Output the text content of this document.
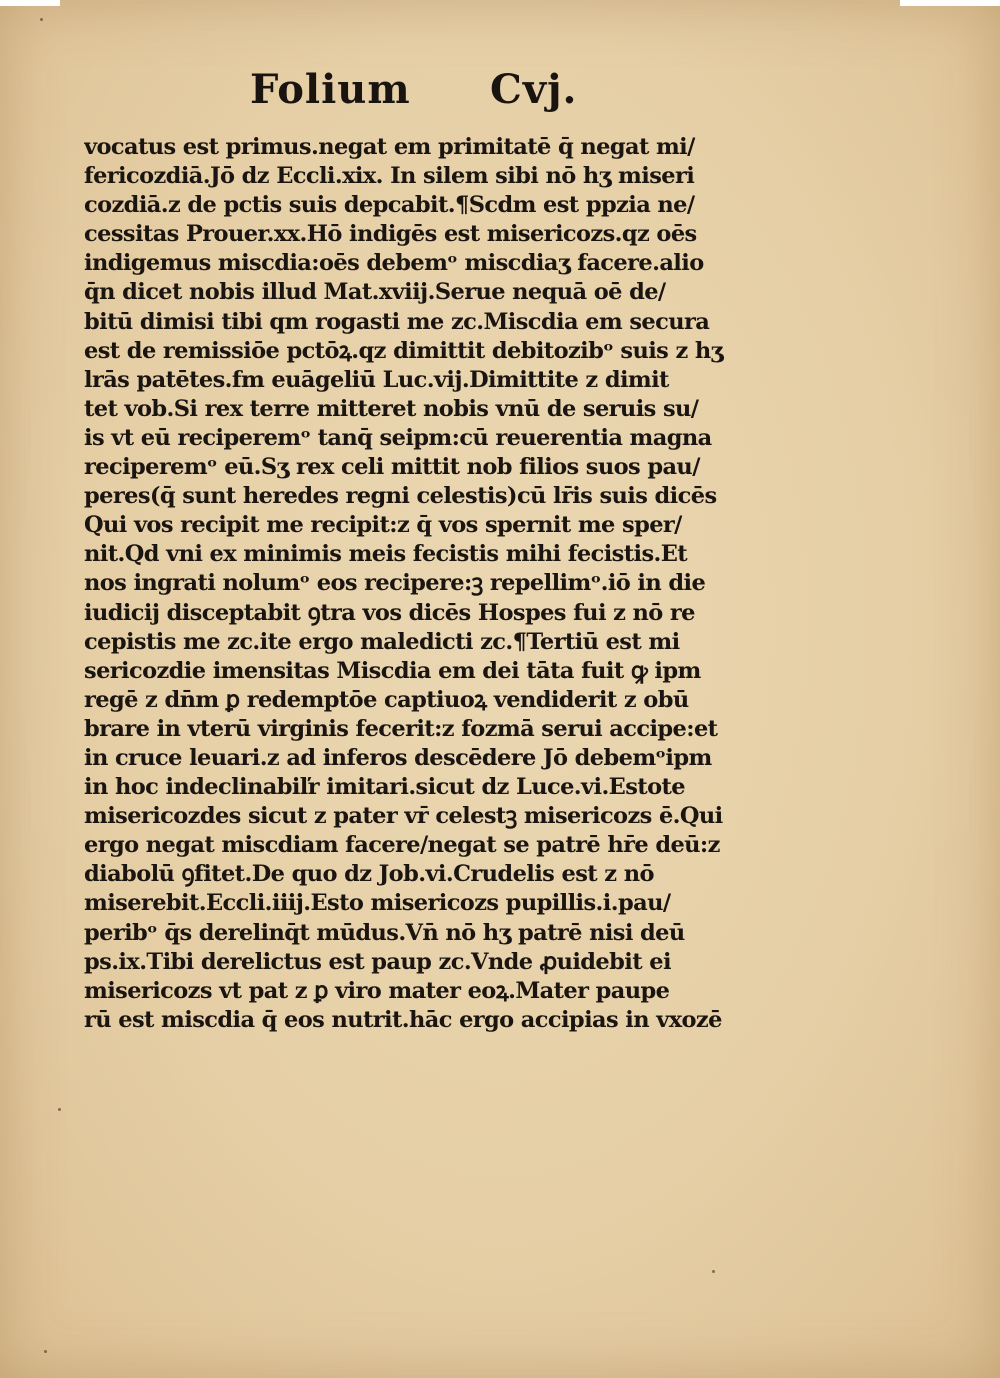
Folium Cvj.
vocatus est primus.negat em primitatē q̄ negat mi/
fericozdiā.Jō dz Eccli.xix. In silem sibi nō hʒ miseri
cozdiā.z de pctis suis depcabit.¶Scdm est ppzia ne/
cessitas Prouer.xx.Hō indigēs est misericozs.qz oēs
indigemus miscdia:oēs debemᵒ miscdiaʒ facere.alio
q̄n dicet nobis illud Mat.xviij.Serue nequā oē de/
bitū dimisi tibi qm rogasti me zc.Miscdia em secura
est de remissiōe pctōꝝ.qz dimittit debitozibᵒ suis z hʒ
lrās patētes.fm euāgeliū Luc.vij.Dimittite z dimit
tet vob.Si rex terre mitteret nobis vnū de seruis su/
is vt eū reciperemᵒ tanq̄ seipm:cū reuerentia magna
reciperemᵒ eū.Sʒ rex celi mittit nob filios suos pau/
peres(q̄ sunt heredes regni celestis)cū lr̄is suis dicēs
Qui vos recipit me recipit:z q̄ vos spernit me sper/
nit.Qd vni ex minimis meis fecistis mihi fecistis.Et
nos ingrati nolumᵒ eos recipere:ꝫ repellimᵒ.iō in die
iudicij disceptabit ꝯtra vos dicēs Hospes fui z nō re
cepistis me zc.ite ergo maledicti zc.¶Tertiū est mi
sericozdie imensitas Miscdia em dei tāta fuit ꝙ ipm
regē z dn̄m ꝑ redemptōe captiuoꝝ vendiderit z obū
brare in vterū virginis fecerit:z fozmā serui accipe:et
in cruce leuari.z ad inferos descēdere Jō debemᵒipm
in hoc indeclinabiľr imitari.sicut dz Luce.vi.Estote
misericozdes sicut z pater vr̄ celestꝫ misericozs ē.Qui
ergo negat miscdiam facere/negat se patrē hr̄e deū:z
diabolū ꝯfitet.De quo dz Job.vi.Crudelis est z nō
miserebit.Eccli.iiij.Esto misericozs pupillis.i.pau/
peribᵒ q̄s derelinq̄t mūdus.Vn̄ nō hʒ patrē nisi deū
ps.ix.Tibi derelictus est paup zc.Vnde ꝓuidebit ei
misericozs vt pat z ꝑ viro mater eoꝝ.Mater paupe
rū est miscdia q̄ eos nutrit.hāc ergo accipias in vxozē
